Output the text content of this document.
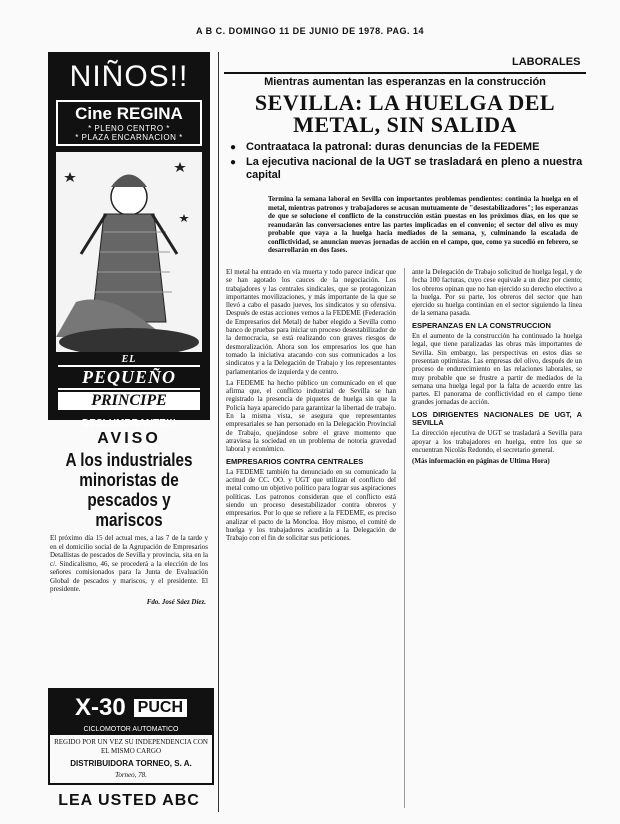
A B C. DOMINGO 11 DE JUNIO DE 1978. PAG. 14
NIÑOS!!
Cine REGINA
* PLENO CENTRO *
* PLAZA ENCARNACION *
EL
PEQUEÑO
PRINCIPE
DESLUMBRANTE!!!
AVISO
A los industriales minoristas de pescados y mariscos

El próximo día 15 del actual mes, a las 7 de la tarde y en el domicilio social de la Agrupación de Empresarios Detallistas de pescados de Sevilla y provincia, sita en la c/. Sindicalismo, 46, se procederá a la elección de los señores comisionados para la Junta de Evaluación Global de pescados y mariscos, y el presidente. El presidente.

Fdo. José Sáez Díez.
X-30 PUCH
CICLOMOTOR AUTOMATICO
REGIDO POR UN VEZ SU INDEPENDENCIA CON EL MISMO CARGO
DISTRIBUIDORA TORNEO, S. A.
Torneo, 78.
LEA USTED ABC
LABORALES
Mientras aumentan las esperanzas en la construcción
SEVILLA: LA HUELGA DEL METAL, SIN SALIDA
● Contraataca la patronal: duras denuncias de la FEDEME
● La ejecutiva nacional de la UGT se trasladará en pleno a nuestra capital
Termina la semana laboral en Sevilla con importantes problemas pendientes: continúa la huelga en el metal, mientras patronos y trabajadores se acusan mutuamente de "desestabilizadores"; los esperanzas de que se solucione el conflicto de la construcción están puestas en los próximos días, en los que se reanudarán las conversaciones entre las partes implicadas en el convenio; el sector del olivo es muy probable que vaya a la huelga hacia mediados de la semana, y, culminando la escalada de conflictividad, se anuncian nuevas jornadas de acción en el campo, que, como ya sucedió en febrero, se desarrollarán en dos fases.

El metal ha entrado en vía muerta y todo parece indicar que se han agotado los cauces de la negociación. Los trabajadores y las centrales sindicales, que se protagonizan importantes movilizaciones, y más importante de la que se llevó a cabo el pasado jueves, los sindicatos y su ofensiva. Después de estas acciones vemos a la FEDEME (Federación de Empresarios del Metal) de haber elegido a Sevilla como banco de pruebas para iniciar un proceso desestabilizador de la democracia, se está realizando con graves riesgos de desmoralización. Ahora son los empresarios los que han tomado la iniciativa atacando con sus comunicados a los sindicatos y a la Delegación de Trabajo y los representantes parlamentarios de izquierda y de centro.

La FEDEME ha hecho público un comunicado en el que afirma que, el conflicto industrial de Sevilla se han registrado la presencia de piquetes de huelga sin que la Policía haya aparecido para garantizar la libertad de trabajo. En la misma vista, se asegura que representantes empresariales se han personado en la Delegación Provincial de Trabajo, quejándose sobre el grave momento que atraviesa la sociedad en un problema de notoria gravedad laboral y económico.

EMPRESARIOS CONTRA CENTRALES

La FEDEME también ha denunciado en su comunicado la actitud de CC. OO. y UGT que utilizan el conflicto del metal como un objetivo político para lograr sus aspiraciones políticas. Los patronos consideran que el conflicto está siendo un proceso desestabilizador contra obreros y empresarios. Por lo que se refiere a la FEDEME, es preciso analizar el pacto de la Moncloa. Hoy mismo, el comité de huelga y los trabajadores acudirán a la Delegación de Trabajo con el fin de solicitar sus peticiones.

ante la Delegación de Trabajo solicitud de huelga legal, y de fecha 100 facturas, cuyo cese equivale a un diez por ciento; los obreros opinan que no han ejercido su derecho electivo a la huelga. Por su parte, los obreros del sector que han ejercido su huelga continúan en el sector siguiendo la línea de la semana pasada.

ESPERANZAS EN LA CONSTRUCCION

En el aumento de la construcción ha continuado la huelga legal, que tiene paralizadas las obras más importantes de Sevilla. Sin embargo, las perspectivas en estos días se presentan optimistas. Las empresas del olivo, después de un proceso de endurecimiento en las relaciones laborales, se muy probable que se frustre a partir de mediados de la semana una huelga legal por la falta de acuerdo entre las partes. El panorama de conflictividad en el campo tiene grandes jornadas de acción.

LOS DIRIGENTES NACIONALES DE UGT, A SEVILLA

La dirección ejecutiva de UGT se trasladará a Sevilla para apoyar a los trabajadores en huelga, entre los que se encuentran Nicolás Redondo, el secretario general.

(Más información en páginas de Ultima Hora)
